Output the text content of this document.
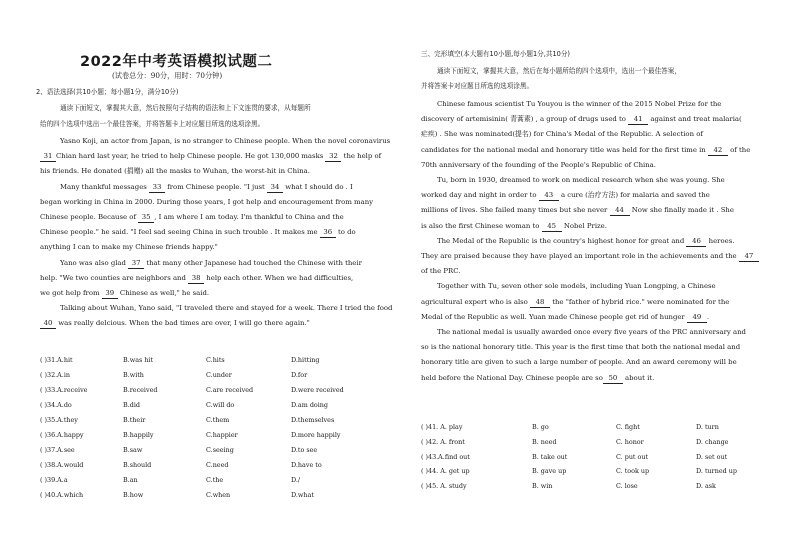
2022年中考英语模拟试题二
(试卷总分：90分，用时：70分钟)
2、语法选择(共10小题；每小题1分，满分10分)
通读下面短文，掌握其大意，然后按照句子结构的语法和上下文连贯的要求，从每题所
给的四个选项中选出一个最佳答案，并将答题卡上对应题目所选的选项涂黑。
Yasno Koji, an actor from Japan, is no stranger to Chinese people. When the novel coronavirus
31 Chian hard last year, he tried to help Chinese people. He got 130,000 masks 32 the help of
his friends. He donated (捐赠) all the masks to Wuhan, the worst-hit in China.
Many thankful messages 33 from Chinese people. "I just 34 what I should do . I
began working in China in 2000. During those years, I got help and encouragement from many
Chinese people. Because of 35 , I am where I am today. I'm thankful to China and the
Chinese people." he said. "I feel sad seeing China in such trouble . It makes me 36 to do
anything I can to make my Chinese friends happy."
Yano was also glad 37 that many other Japanese had touched the Chinese with their
help. "We two counties are neighbors and 38 help each other. When we had difficulties,
we got help from 39 Chinese as well," he said.
Talking about Wuhan, Yano said, "I traveled there and stayed for a week. There I tried the food
40 was really delcious. When the bad times are over, I will go there again."
( )31.A.hit	B.was hit	C.hits	D.hitting
( )32.A.in	B.with	C.under	D.for
( )33.A.receive	B.received	C.are received	D.were received
( )34.A.do	B.did	C.will do	D.am doing
( )35.A.they	B.their	C.them	D.themselves
( )36.A.happy	B.happily	C.happier	D.more happily
( )37.A.see	B.saw	C.seeing	D.to see
( )38.A.would	B.should	C.need	D.have to
( )39.A.a	B.an	C.the	D./
( )40.A.which	B.how	C.when	D.what
三、完形填空(本大题有10小题,每小题1分,共10分)
通读下面短文，掌握其大意，然后在每小题所给的四个选项中，选出一个最佳答案，
并将答案卡对应题目所选的选项涂黑。
Chinese famous scientist Tu Youyou is the winner of the 2015 Nobel Prize for the
discovery of artemisinin( 青蒿素) , a group of drugs used to 41 against and treat malaria(
疟疾) . She was nominated(提名) for China's Medal of the Republic. A selection of
candidates for the national medal and honorary title was held for the first time in 42 of the
70th anniversary of the founding of the People's Republic of China.
Tu, born in 1930, dreamed to work on medical research when she was young. She
worked day and night in order to 43 a cure (治疗方法) for malaria and saved the
millions of lives. She failed many times but she never 44 Now she finally made it . She
is also the first Chinese woman to 45 Nobel Prize.
The Medal of the Republic is the country's highest honor for great and 46 heroes.
They are praised because they have played an important role in the achievements and the 47
of the PRC.
Together with Tu, seven other sole models, including Yuan Longping, a Chinese
agricultural expert who is also 48 the "father of hybrid rice." were nominated for the
Medal of the Republic as well. Yuan made Chinese people get rid of hunger 49 .
The national medal is usually awarded once every five years of the PRC anniversary and
so is the national honorary title. This year is the first time that both the national medal and
honorary title are given to such a large number of people. And an award ceremony will be
held before the National Day. Chinese people are so 50 about it.
( )41. A. play	B. go	C. fight	D. turn
( )42. A. front	B. need	C. honor	D. change
( )43.A.find out	B. take out	C. put out	D. set out
( )44. A. get up	B. gave up	C. took up	D. turned up
( )45. A. study	B. win	C. lose	D. ask
